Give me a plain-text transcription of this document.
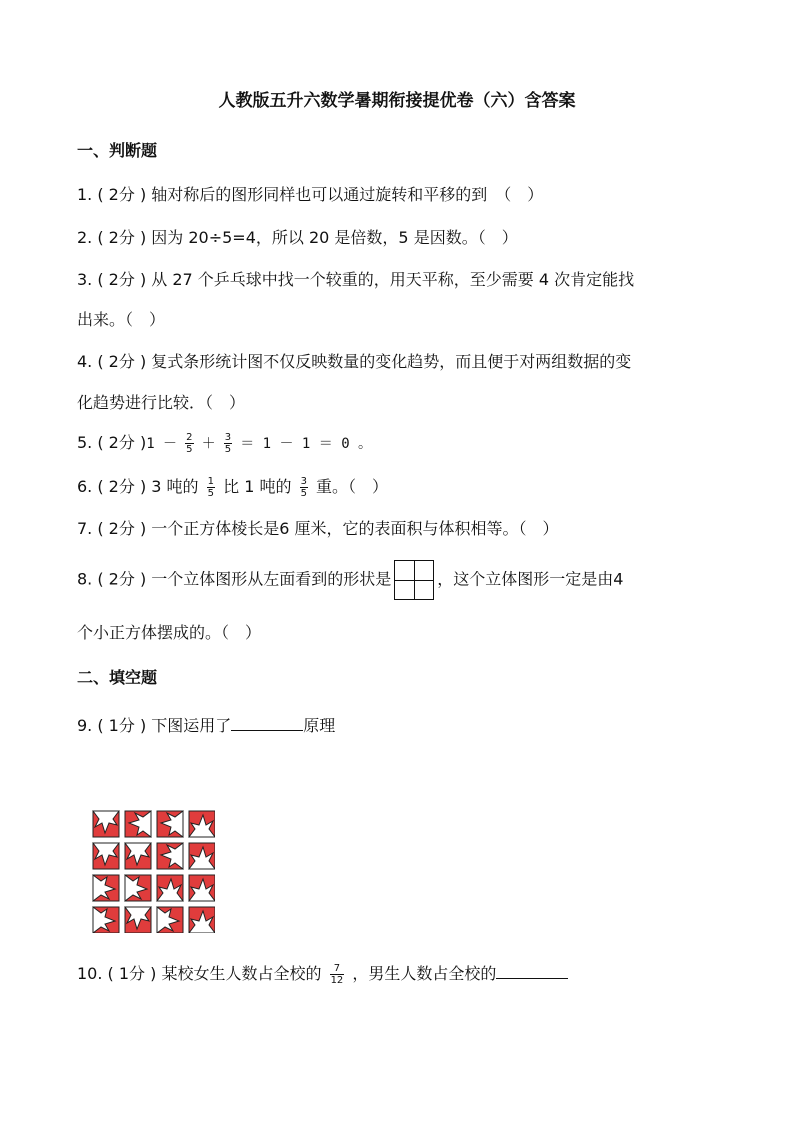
人教版五升六数学暑期衔接提优卷（六）含答案
一、判断题
1. ( 2分 ) 轴对称后的图形同样也可以通过旋转和平移的到　（　）
2. ( 2分 ) 因为 20÷5=4，所以 20 是倍数，5 是因数。（　）
3. ( 2分 ) 从 27 个乒乓球中找一个较重的，用天平称，至少需要 4 次肯定能找
出来。（　）
4. ( 2分 ) 复式条形统计图不仅反映数量的变化趋势，而且便于对两组数据的变
化趋势进行比较．（　）
5. ( 2分 )$1 - \frac{2}{5} + \frac{3}{5} = 1 - 1 = 0$ 。
6. ( 2分 ) 3 吨的 $\frac{1}{5}$ 比 1 吨的 $\frac{3}{5}$ 重。（　）
7. ( 2分 ) 一个正方体棱长是6 厘米，它的表面积与体积相等。（　）
8. ( 2分 ) 一个立体图形从左面看到的形状是	，这个立体图形一定是由4
个小正方体摆成的。（　）
二、填空题
9. ( 1分 ) 下图运用了	原理
10. ( 1分 ) 某校女生人数占全校的 $\frac{7}{12}$ ，男生人数占全校的
